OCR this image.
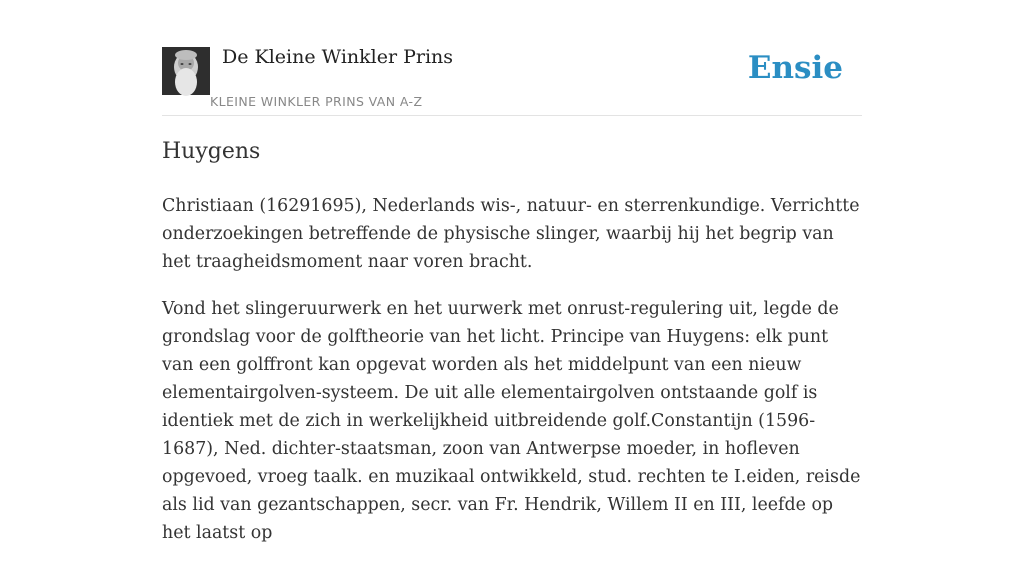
De Kleine Winkler Prins
KLEINE WINKLER PRINS VAN A-Z
Ensie
Huygens

Christiaan (16291695), Nederlands wis-, natuur- en sterrenkundige. Verrichtte onderzoekingen betreffende de physische slinger, waarbij hij het begrip van het traagheidsmoment naar voren bracht.

Vond het slingeruurwerk en het uurwerk met onrust-regulering uit, legde de grondslag voor de golftheorie van het licht. Principe van Huygens: elk punt van een golffront kan opgevat worden als het middelpunt van een nieuw elementairgolven-systeem. De uit alle elementairgolven ontstaande golf is identiek met de zich in werkelijkheid uitbreidende golf.Constantijn (1596-1687), Ned. dichter-staatsman, zoon van Antwerpse moeder, in hofleven opgevoed, vroeg taalk. en muzikaal ontwikkeld, stud. rechten te I.eiden, reisde als lid van gezantschappen, secr. van Fr. Hendrik, Willem II en III, leefde op het laatst op
